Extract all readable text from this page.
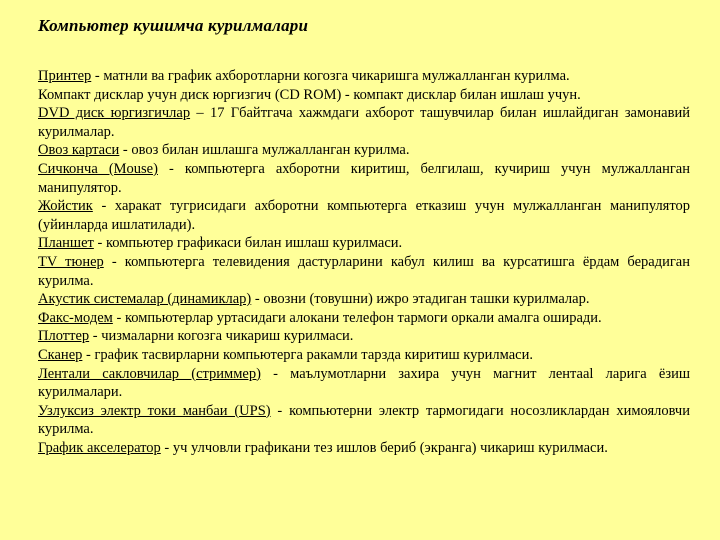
Компьютер кушимча курилмалари

Принтер - матнли ва график ахборотларни когозга чикаришга мулжалланган курилма.

Компакт дисклар учун диск юргизгич (CD ROM) - компакт дисклар билан ишлаш учун.

DVD диск юргизгичлар – 17 Гбайтгача хажмдаги ахборот ташувчилар билан ишлайдиган замонавий курилмалар.

Овоз картаси - овоз билан ишлашга мулжалланган курилма.

Сичконча (Mouse) - компьютерга ахборотни киритиш, белгилаш, кучириш учун мулжалланган манипулятор.

Жойстик - харакат тугрисидаги ахборотни компьютерга етказиш учун мулжалланган манипулятор (уйинларда ишлатилади).

Планшет - компьютер графикаси билан ишлаш курилмаси.

TV тюнер - компьютерга телевидения дастурларини кабул килиш ва курсатишга ёрдам берадиган курилма.

Акустик системалар (динамиклар) - овозни (товушни) ижро этадиган ташки курилмалар.

Факс-модем - компьютерлар уртасидаги алокани телефон тармоги оркали амалга оширади.

Плоттер - чизмаларни когозга чикариш курилмаси.

Сканер - график тасвирларни компьютерга ракамли тарзда киритиш курилмаси.

Лентали сакловчилар (стриммер) - маълумотларни захира учун магнит лентаal ларига ёзиш курилмалари.

Узлуксиз электр токи манбаи (UPS) - компьютерни электр тармогидаги носозликлардан химояловчи курилма.

График акселератор - уч улчовли графикани тез ишлов бериб (экранга) чикариш курилмаси.
